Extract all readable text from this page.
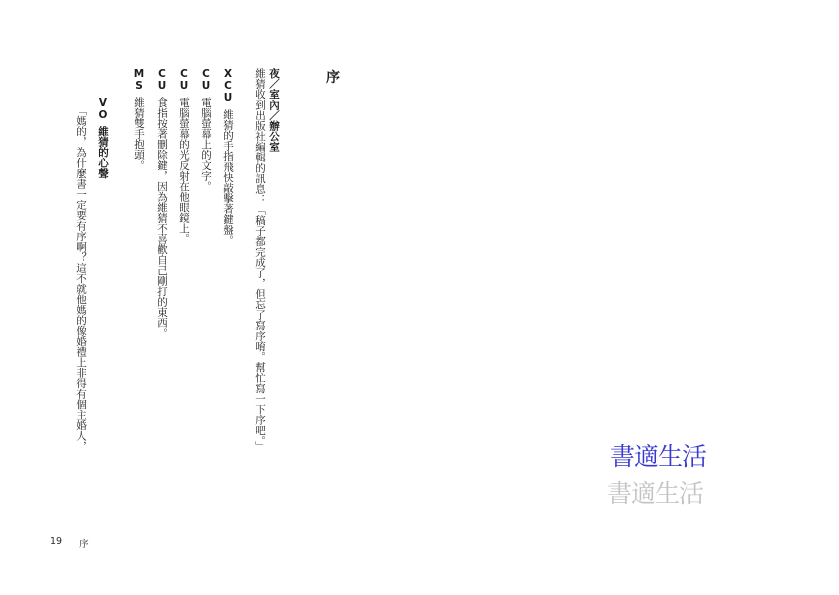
序
夜／室內／辦公室
維猜收到出版社編輯的訊息：「稿子都完成了，但忘了寫序唷。幫忙寫一下序吧。」
XCU維猜的手指飛快敲擊著鍵盤。
CU電腦螢幕上的文字。
CU電腦螢幕的光反射在他眼鏡上。
CU食指按著刪除鍵，因為維猜不喜歡自己剛打的東西。
MS維猜雙手抱頭。
VO維猜的心聲
「媽的，為什麼書一定要有序啊？這不就他媽的像婚禮上非得有個主婚人，
19 序
書適生活
書適生活
